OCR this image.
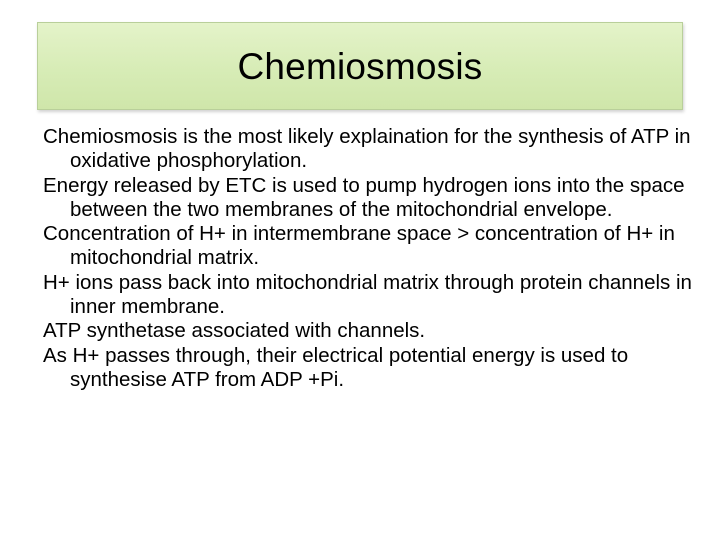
Chemiosmosis
Chemiosmosis is the most likely explaination for the synthesis of ATP in oxidative phosphorylation.
Energy released by ETC is used to pump hydrogen ions into the space between the two membranes of the mitochondrial envelope.
Concentration of H+ in intermembrane space > concentration of H+ in mitochondrial matrix.
H+ ions pass back into mitochondrial matrix through protein channels in inner membrane.
ATP synthetase associated with channels.
As H+ passes through, their electrical potential energy is used to synthesise ATP from ADP +Pi.
